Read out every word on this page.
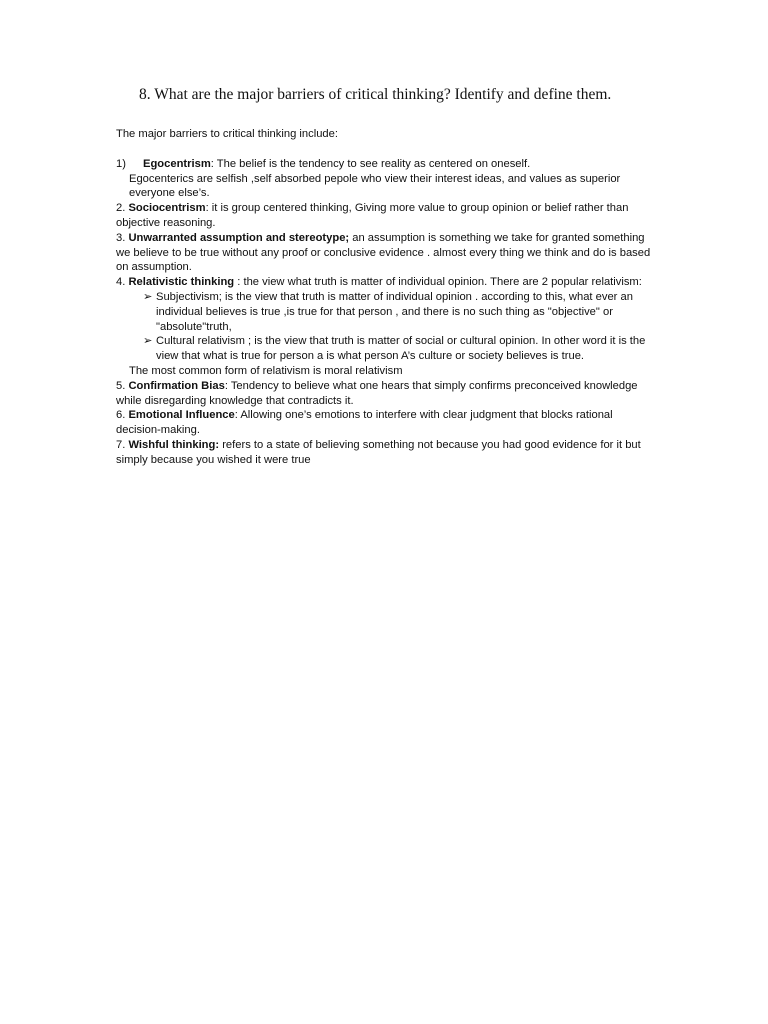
8. What are the major barriers of critical thinking? Identify and define them.

The major barriers to critical thinking include:

1) Egocentrism: The belief is the tendency to see reality as centered on oneself.

Egocenterics are selfish ,self absorbed pepole who view their interest ideas, and values as superior everyone else’s.

2. Sociocentrism: it is group centered thinking, Giving more value to group opinion or belief rather than objective reasoning.

3. Unwarranted assumption and stereotype; an assumption is something we take for granted something we believe to be true without any proof or conclusive evidence . almost every thing we think and do is based on assumption.

4. Relativistic thinking : the view what truth is matter of individual opinion. There are 2 popular relativism:

➢ Subjectivism; is the view that truth is matter of individual opinion . according to this, what ever an individual believes is true ,is true for that person , and there is no such thing as "objective" or "absolute"truth,

➢ Cultural relativism ; is the view that truth is matter of social or cultural opinion. In other word it is the view that what is true for person a is what person A’s culture or society believes is true.

The most common form of relativism is moral relativism

5. Confirmation Bias: Tendency to believe what one hears that simply confirms preconceived knowledge while disregarding knowledge that contradicts it.

6. Emotional Influence: Allowing one’s emotions to interfere with clear judgment that blocks rational decision-making.

7. Wishful thinking: refers to a state of believing something not because you had good evidence for it but simply because you wished it were true
